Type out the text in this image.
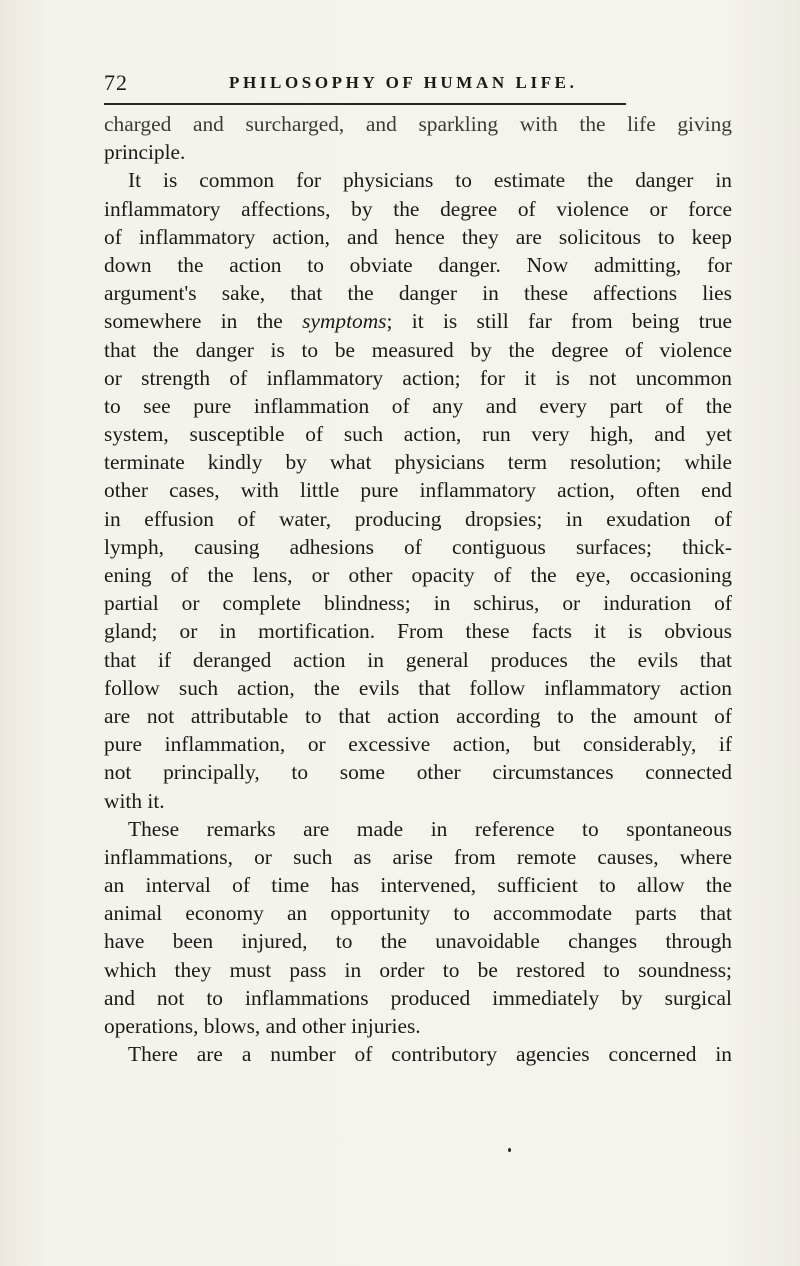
72	PHILOSOPHY OF HUMAN LIFE.
charged and surcharged, and sparkling with the life giving
principle.
It is common for physicians to estimate the danger in
inflammatory affections, by the degree of violence or force
of inflammatory action, and hence they are solicitous to keep
down the action to obviate danger. Now admitting, for
argument's sake, that the danger in these affections lies
somewhere in the symptoms; it is still far from being true
that the danger is to be measured by the degree of violence
or strength of inflammatory action; for it is not uncommon
to see pure inflammation of any and every part of the
system, susceptible of such action, run very high, and yet
terminate kindly by what physicians term resolution; while
other cases, with little pure inflammatory action, often end
in effusion of water, producing dropsies; in exudation of
lymph, causing adhesions of contiguous surfaces; thick-
ening of the lens, or other opacity of the eye, occasioning
partial or complete blindness; in schirus, or induration of
gland; or in mortification. From these facts it is obvious
that if deranged action in general produces the evils that
follow such action, the evils that follow inflammatory action
are not attributable to that action according to the amount of
pure inflammation, or excessive action, but considerably, if
not principally, to some other circumstances connected
with it.
These remarks are made in reference to spontaneous
inflammations, or such as arise from remote causes, where
an interval of time has intervened, sufficient to allow the
animal economy an opportunity to accommodate parts that
have been injured, to the unavoidable changes through
which they must pass in order to be restored to soundness;
and not to inflammations produced immediately by surgical
operations, blows, and other injuries.
There are a number of contributory agencies concerned in
